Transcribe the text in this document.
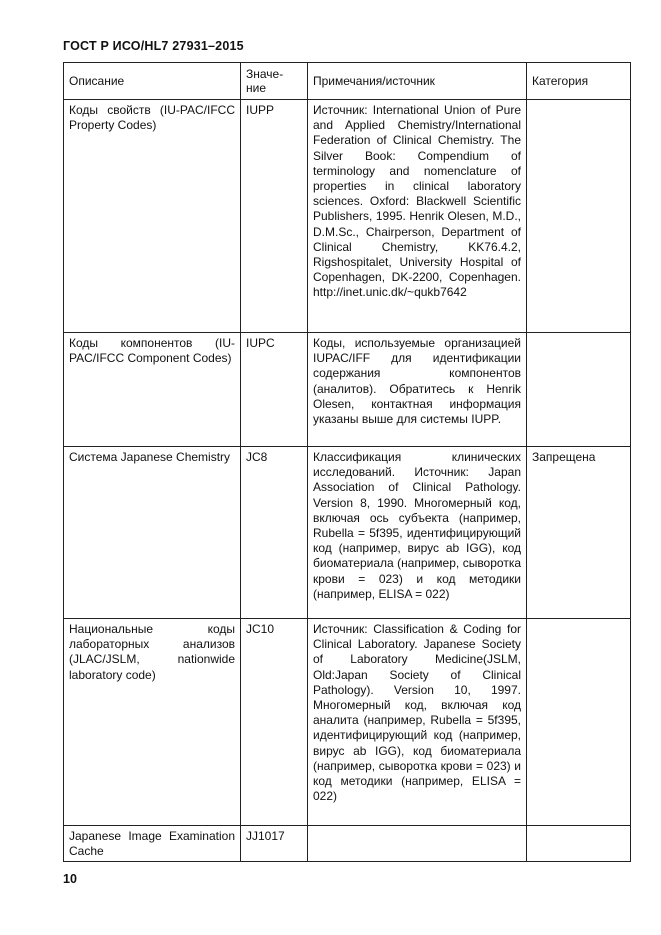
ГОСТ Р ИСО/HL7 27931–2015
Описание	Значе-
ние	Примечания/источник	Категория

Коды свойств (IU-PAC/IFCC Property Codes)	IUPP	Источник: International Union of Pure and Applied Chemistry/International Federation of Clinical Chemistry. The Silver Book: Compendium of terminology and nomenclature of properties in clinical laboratory sciences. Oxford: Blackwell Scientific Publishers, 1995. Henrik Olesen, M.D., D.M.Sc., Chairperson, Department of Clinical Chemistry, KK76.4.2, Rigshospitalet, University Hospital of Copenhagen, DK-2200, Copenhagen. http://inet.unic.dk/~qukb7642	

Коды компонентов (IU-PAC/IFCC Component Codes)	IUPC	Коды, используемые организацией IUPAC/IFF для идентификации содержания компонентов (аналитов). Обратитесь к Henrik Olesen, контактная информация указаны выше для системы IUPP.	

Система Japanese Chemistry	JC8	Классификация клинических исследований. Источник: Japan Association of Clinical Pathology. Version 8, 1990. Многомерный код, включая ось субъекта (например, Rubella = 5f395, идентифицирующий код (например, вирус ab IGG), код биоматериала (например, сыворотка крови = 023) и код методики (например, ELISA = 022)	Запрещена

Национальные коды лабораторных анализов (JLAC/JSLM, nationwide laboratory code)	JC10	Источник: Classification & Coding for Clinical Laboratory. Japanese Society of Laboratory Medicine(JSLM, Old:Japan Society of Clinical Pathology). Version 10, 1997. Многомерный код, включая код аналита (например, Rubella = 5f395, идентифицирующий код (например, вирус ab IGG), код биоматериала (например, сыворотка крови = 023) и код методики (например, ELISA = 022)	

Japanese Image Examination Cache	JJ1017		

10
